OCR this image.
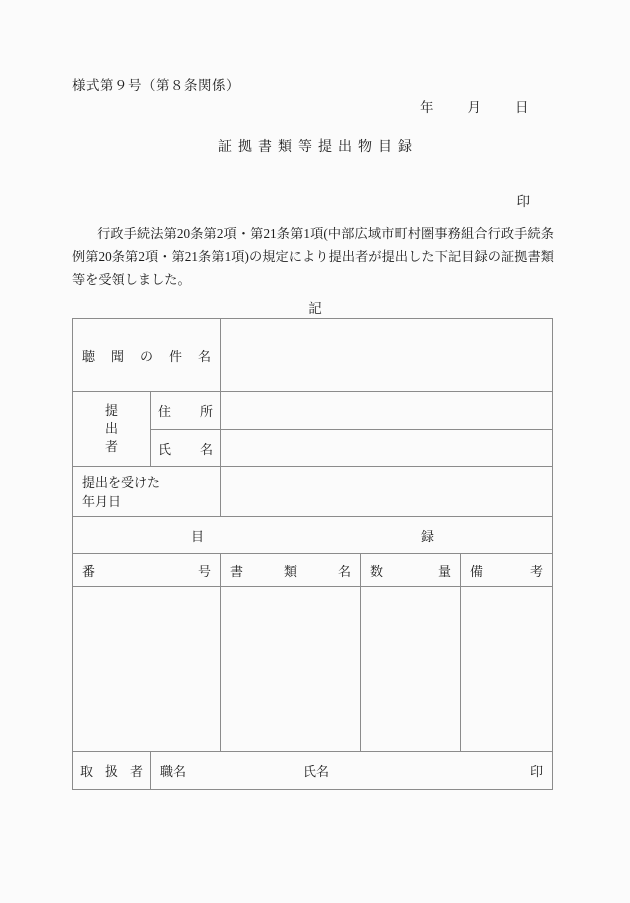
様式第９号（第８条関係）
年	月	日
証拠書類等提出物目録
印
行政手続法第20条第2項・第21条第1項(中部広域市町村圏事務組合行政手続条例第20条第2項・第21条第1項)の規定により提出者が提出した下記目録の証拠書類等を受領しました。
記
聴聞の件名				

提
出
者	住所			

	氏名			

提出を受けた
年月日				

目録				

番号		書類名	数量	備考

取扱者	職名 氏名 印			
